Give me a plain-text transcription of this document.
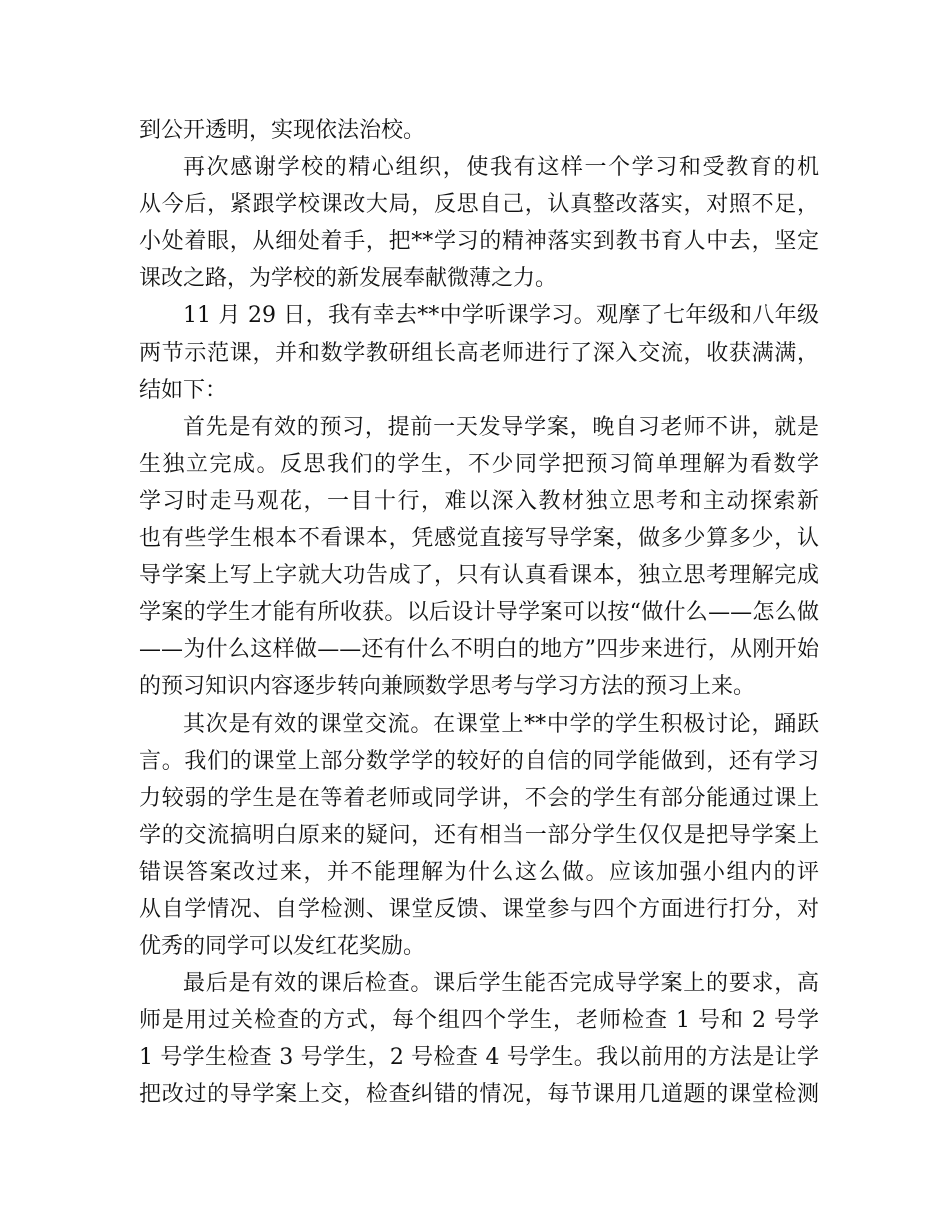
到公开透明，实现依法治校。
再次感谢学校的精心组织，使我有这样一个学习和受教育的机
从今后，紧跟学校课改大局，反思自己，认真整改落实，对照不足，
小处着眼，从细处着手，把**学习的精神落实到教书育人中去，坚定
课改之路，为学校的新发展奉献微薄之力。
11 月 29 日，我有幸去**中学听课学习。观摩了七年级和八年级
两节示范课，并和数学教研组长高老师进行了深入交流，收获满满，
结如下：
首先是有效的预习，提前一天发导学案，晚自习老师不讲，就是
生独立完成。反思我们的学生，不少同学把预习简单理解为看数学
学习时走马观花，一目十行，难以深入教材独立思考和主动探索新
也有些学生根本不看课本，凭感觉直接写导学案，做多少算多少，认
导学案上写上字就大功告成了，只有认真看课本，独立思考理解完成
学案的学生才能有所收获。以后设计导学案可以按“做什么——怎么做
——为什么这样做——还有什么不明白的地方”四步来进行，从刚开始
的预习知识内容逐步转向兼顾数学思考与学习方法的预习上来。
其次是有效的课堂交流。在课堂上**中学的学生积极讨论，踊跃
言。我们的课堂上部分数学学的较好的自信的同学能做到，还有学习
力较弱的学生是在等着老师或同学讲，不会的学生有部分能通过课上
学的交流搞明白原来的疑问，还有相当一部分学生仅仅是把导学案上
错误答案改过来，并不能理解为什么这么做。应该加强小组内的评
从自学情况、自学检测、课堂反馈、课堂参与四个方面进行打分，对
优秀的同学可以发红花奖励。
最后是有效的课后检查。课后学生能否完成导学案上的要求，高
师是用过关检查的方式，每个组四个学生，老师检查 1 号和 2 号学
1 号学生检查 3 号学生，2 号检查 4 号学生。我以前用的方法是让学
把改过的导学案上交，检查纠错的情况，每节课用几道题的课堂检测
